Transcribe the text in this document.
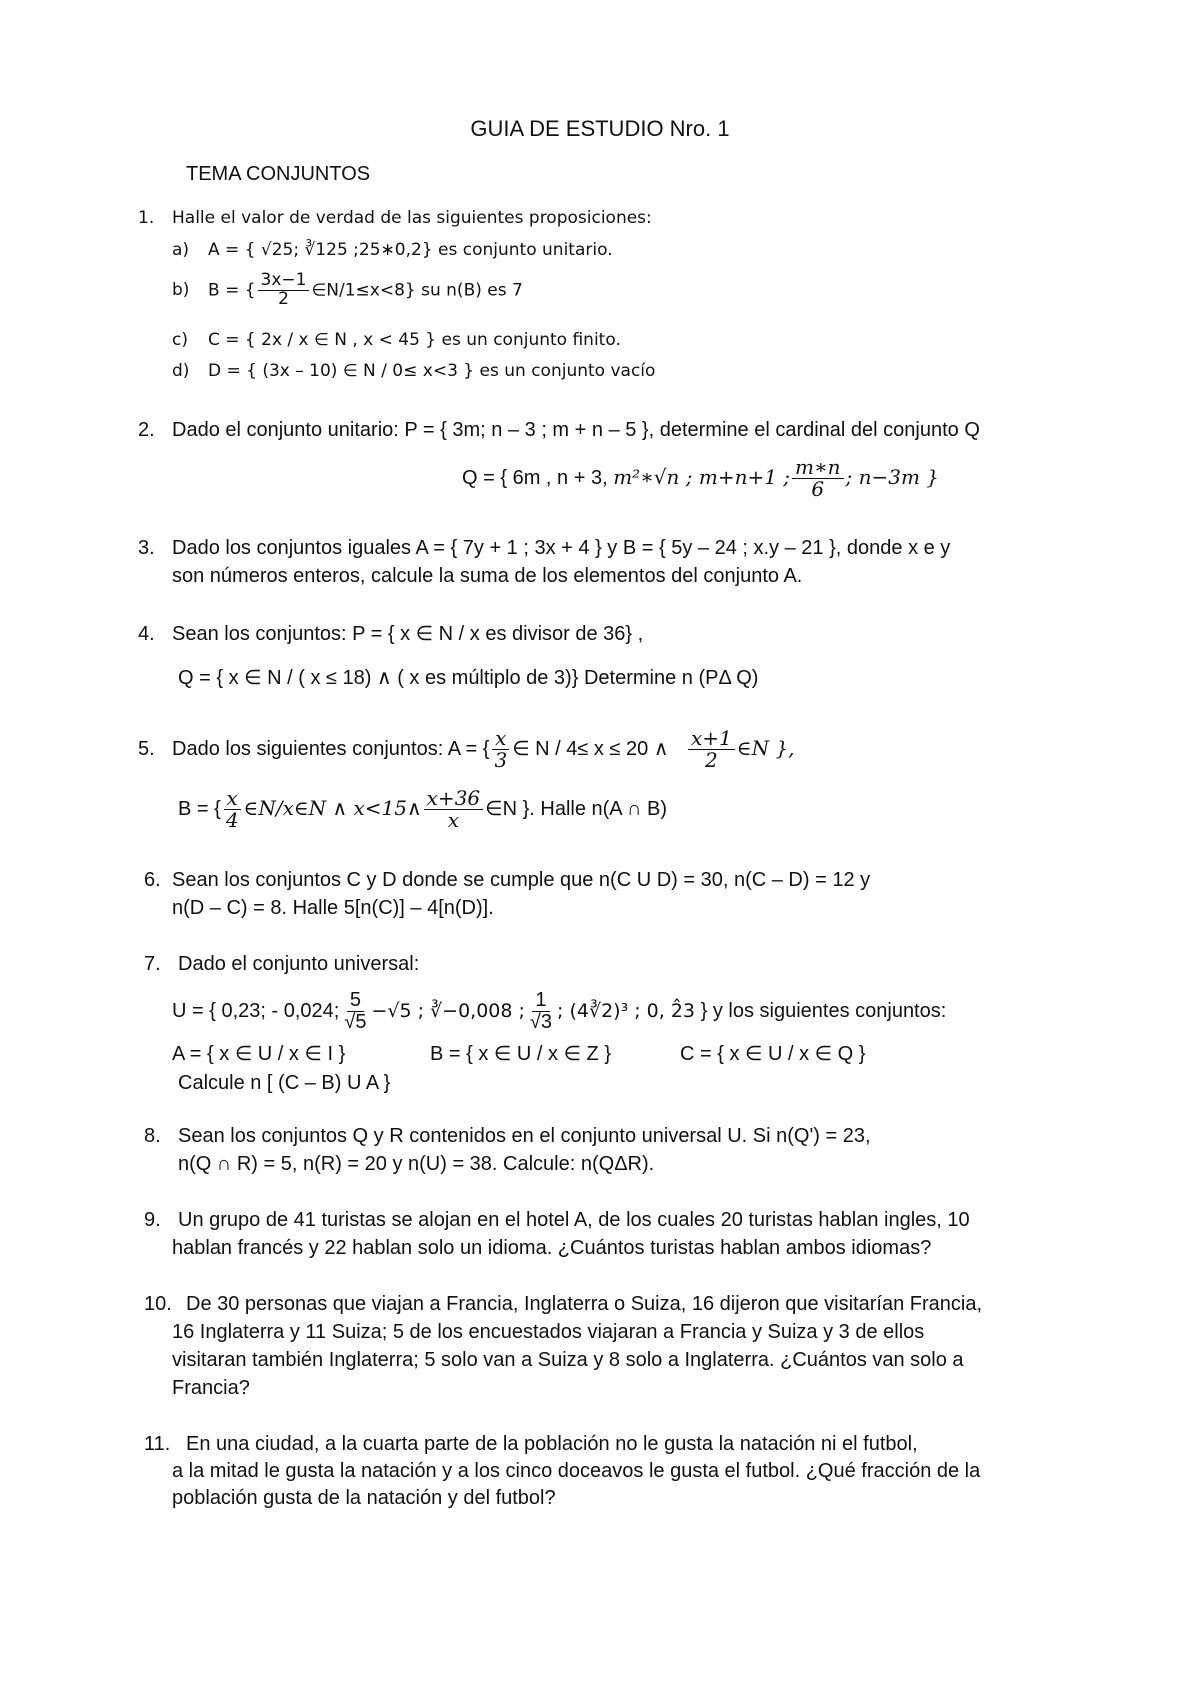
GUIA DE ESTUDIO Nro. 1
TEMA CONJUNTOS
1. Halle el valor de verdad de las siguientes proposiciones:
a) A = { √25; ∛125 ;25∗0,2} es conjunto unitario.
b) B = { $\frac{3x-1}{2}$ ∈N/1≤x<8} su n(B) es 7
c) C = { 2x / x ∈ N , x < 45 } es un conjunto finito.
d) D = { (3x – 10) ∈ N / 0≤ x<3 } es un conjunto vacío
2. Dado el conjunto unitario: P = { 3m; n – 3 ; m + n – 5 }, determine el cardinal del conjunto Q
Q = { 6m , n + 3, m²∗√n ; m+n+1 ; $\frac{m∗n}{6}$ ; n−3m }
3. Dado los conjuntos iguales A = { 7y + 1 ; 3x + 4 } y B = { 5y – 24 ; x.y – 21 }, donde x e y
son números enteros, calcule la suma de los elementos del conjunto A.
4. Sean los conjuntos: P = { x ∈ N / x es divisor de 36} ,
Q = { x ∈ N / ( x ≤ 18) ∧ ( x es múltiplo de 3)} Determine n (PΔ Q)
5. Dado los siguientes conjuntos: A = { $\frac{x}{3}$ ∈ N / 4≤ x ≤ 20 ∧ $\frac{x+1}{2}$ ∈N },
B = { $\frac{x}{4}$ ∈N/x∈N ∧ x<15∧ $\frac{x+36}{x}$ ∈N }. Halle n(A ∩ B)
6. Sean los conjuntos C y D donde se cumple que n(C U D) = 30, n(C – D) = 12 y
n(D – C) = 8. Halle 5[n(C)] – 4[n(D)].
7. Dado el conjunto universal:
U = { 0,23; - 0,024; $\frac{5}{√5} -√5$ ; ∛−0,008 ; $\frac{1}{√3}$ ; (4∛2)³ ; 0, 2̂3 } y los siguientes conjuntos:
A = { x ∈ U / x ∈ I }	B = { x ∈ U / x ∈ Z }	C = { x ∈ U / x ∈ Q }
Calcule n [ (C – B) U A }
8. Sean los conjuntos Q y R contenidos en el conjunto universal U. Si n(Q') = 23,
n(Q ∩ R) = 5, n(R) = 20 y n(U) = 38. Calcule: n(QΔR).
9. Un grupo de 41 turistas se alojan en el hotel A, de los cuales 20 turistas hablan ingles, 10
hablan francés y 22 hablan solo un idioma. ¿Cuántos turistas hablan ambos idiomas?
10. De 30 personas que viajan a Francia, Inglaterra o Suiza, 16 dijeron que visitarían Francia,
16 Inglaterra y 11 Suiza; 5 de los encuestados viajaran a Francia y Suiza y 3 de ellos
visitaran también Inglaterra; 5 solo van a Suiza y 8 solo a Inglaterra. ¿Cuántos van solo a
Francia?
11. En una ciudad, a la cuarta parte de la población no le gusta la natación ni el futbol,
a la mitad le gusta la natación y a los cinco doceavos le gusta el futbol. ¿Qué fracción de la
población gusta de la natación y del futbol?
